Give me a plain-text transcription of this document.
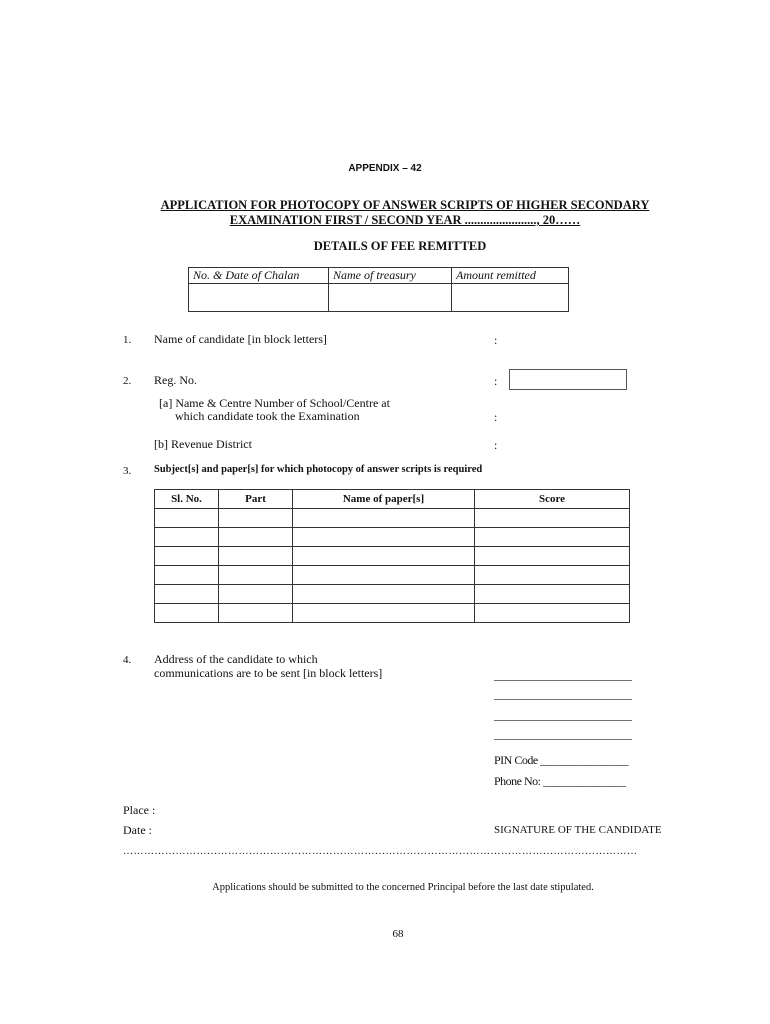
APPENDIX – 42
APPLICATION FOR PHOTOCOPY OF ANSWER SCRIPTS OF HIGHER SECONDARY
EXAMINATION FIRST / SECOND YEAR ......................., 20……
DETAILS OF FEE REMITTED
No. & Date of Chalan	Name of treasury	Amount remitted

1. Name of candidate [in block letters]	:
2. Reg. No.	:
[a] Name & Centre Number of School/Centre at
which candidate took the Examination	:
[b] Revenue District	:
3. Subject[s] and paper[s] for which photocopy of answer scripts is required
Sl. No.	Part	Name of paper[s]	Score

4. Address of the candidate to which
communications are to be sent [in block letters]	_________________________
_________________________
_________________________
_________________________
PIN Code ________________
Phone No: _______________
Place :
Date :	SIGNATURE OF THE CANDIDATE
…………………………………………………………………………………………………………………………………
Applications should be submitted to the concerned Principal before the last date stipulated.
68
